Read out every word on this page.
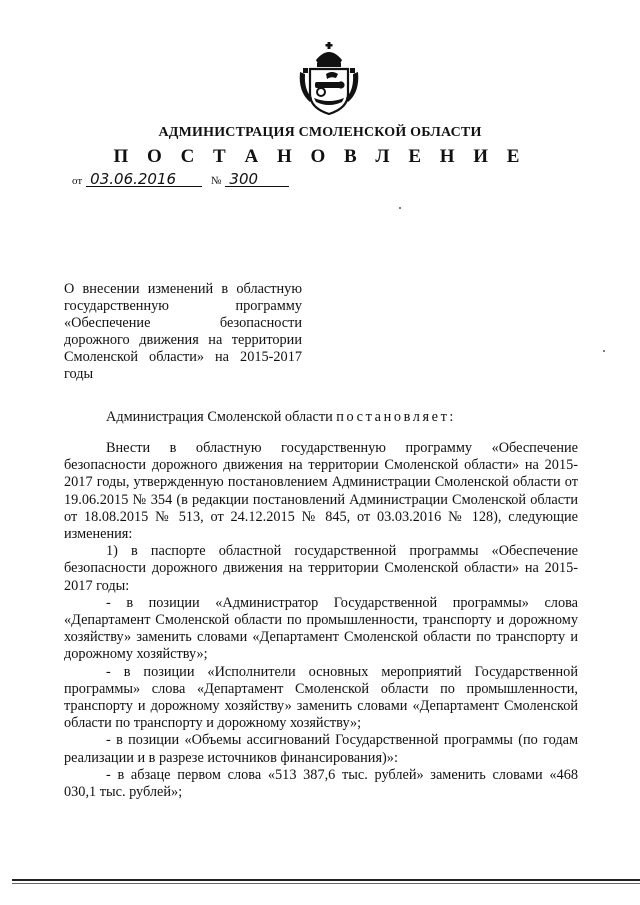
АДМИНИСТРАЦИЯ СМОЛЕНСКОЙ ОБЛАСТИ
П О С Т А Н О В Л Е Н И Е
от 03.06.2016	№ 300
О внесении изменений в областную государственную программу «Обеспечение безопасности дорожного движения на территории Смоленской области» на 2015-2017 годы
Администрация Смоленской области постановляет:

Внести в областную государственную программу «Обеспечение безопасности дорожного движения на территории Смоленской области» на 2015-2017 годы, утвержденную постановлением Администрации Смоленской области от 19.06.2015 № 354 (в редакции постановлений Администрации Смоленской области от 18.08.2015 № 513, от 24.12.2015 № 845, от 03.03.2016 № 128), следующие изменения:

1) в паспорте областной государственной программы «Обеспечение безопасности дорожного движения на территории Смоленской области» на 2015-2017 годы:

- в позиции «Администратор Государственной программы» слова «Департамент Смоленской области по промышленности, транспорту и дорожному хозяйству» заменить словами «Департамент Смоленской области по транспорту и дорожному хозяйству»;

- в позиции «Исполнители основных мероприятий Государственной программы» слова «Департамент Смоленской области по промышленности, транспорту и дорожному хозяйству» заменить словами «Департамент Смоленской области по транспорту и дорожному хозяйству»;

- в позиции «Объемы ассигнований Государственной программы (по годам реализации и в разрезе источников финансирования)»:

- в абзаце первом слова «513 387,6 тыс. рублей» заменить словами «468 030,1 тыс. рублей»;
